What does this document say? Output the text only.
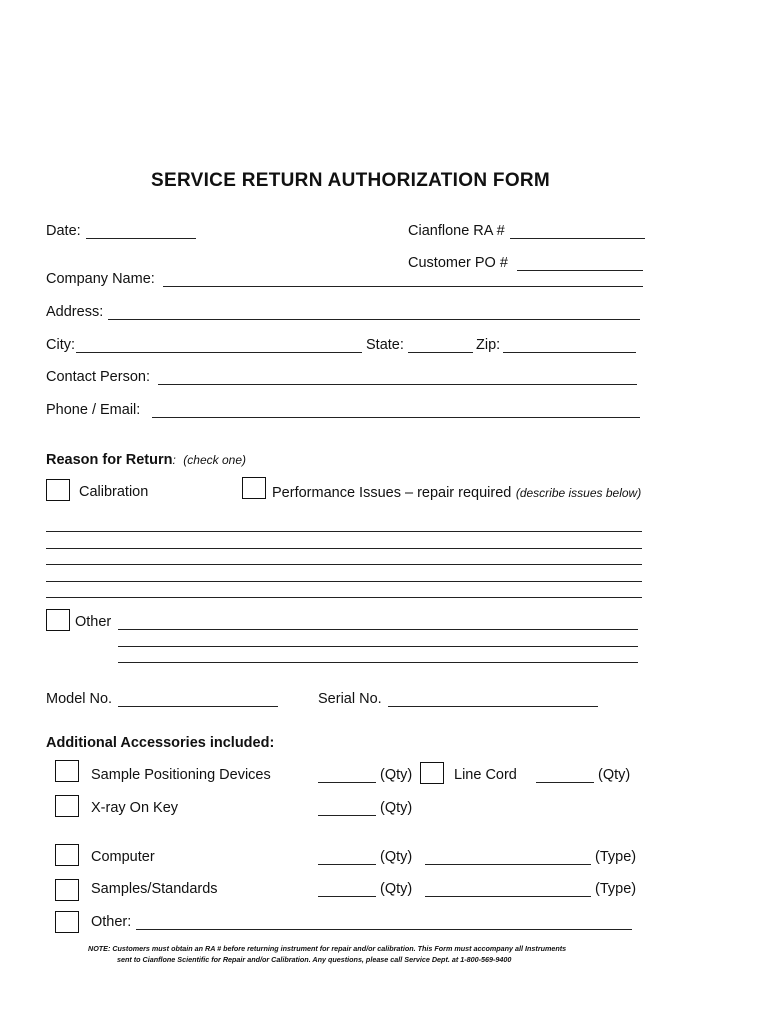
SERVICE RETURN AUTHORIZATION FORM
Date:	Cianflone RA #
Customer PO #
Company Name:
Address:
City:	State:	Zip:
Contact Person:
Phone / Email:
Reason for Return: (check one)
Calibration	Performance Issues – repair required (describe issues below)
Other
Model No.	Serial No.
Additional Accessories included:
Sample Positioning Devices	(Qty)	Line Cord	(Qty)
X-ray On Key	(Qty)
Computer	(Qty)	(Type)
Samples/Standards	(Qty)	(Type)
Other:
NOTE: Customers must obtain an RA # before returning instrument for repair and/or calibration. This Form must accompany all Instruments
sent to Cianflone Scientific for Repair and/or Calibration. Any questions, please call Service Dept. at 1-800-569-9400
